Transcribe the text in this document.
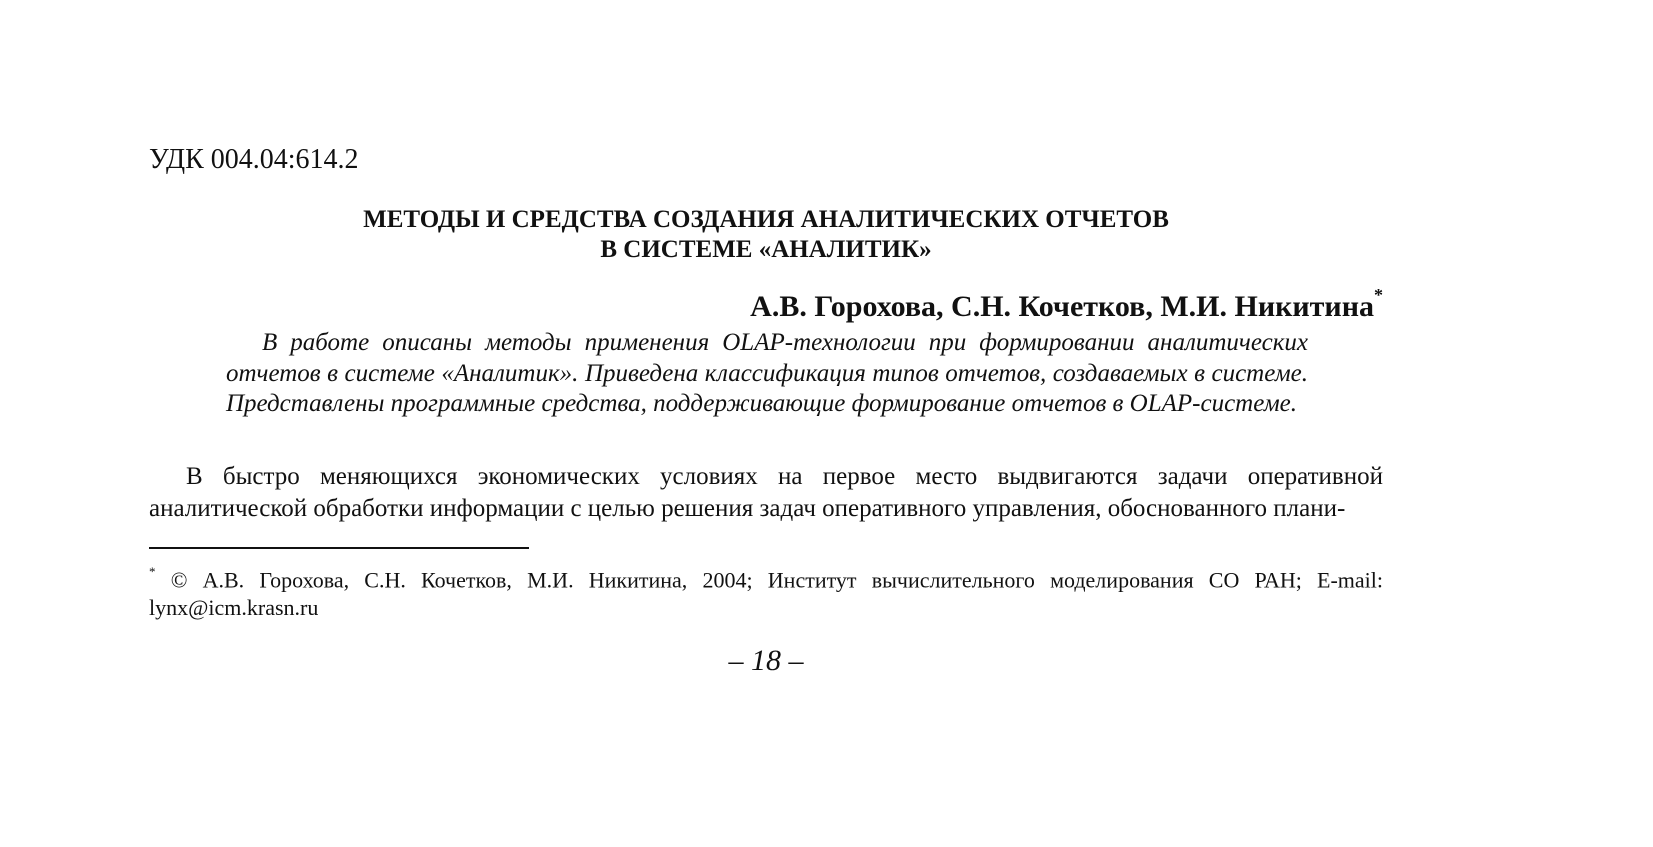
УДК 004.04:614.2
МЕТОДЫ И СРЕДСТВА СОЗДАНИЯ АНАЛИТИЧЕСКИХ ОТЧЕТОВ
В СИСТЕМЕ «АНАЛИТИК»
А.В. Горохова, С.Н. Кочетков, М.И. Никитина*

В работе описаны методы применения OLAP-технологии при формировании аналитических отчетов в системе «Аналитик». Приведена классификация типов отчетов, создаваемых в системе. Представлены программные средства, поддерживающие формирование отчетов в OLAP-системе.

В быстро меняющихся экономических условиях на первое место выдвигаются задачи оперативной аналитической обработки информации с целью решения задач оперативного управления, обоснованного плани-

* © А.В. Горохова, С.Н. Кочетков, М.И. Никитина, 2004; Институт вычислительного моделирования СО РАН; E-mail: lynx@icm.krasn.ru

– 18 –
